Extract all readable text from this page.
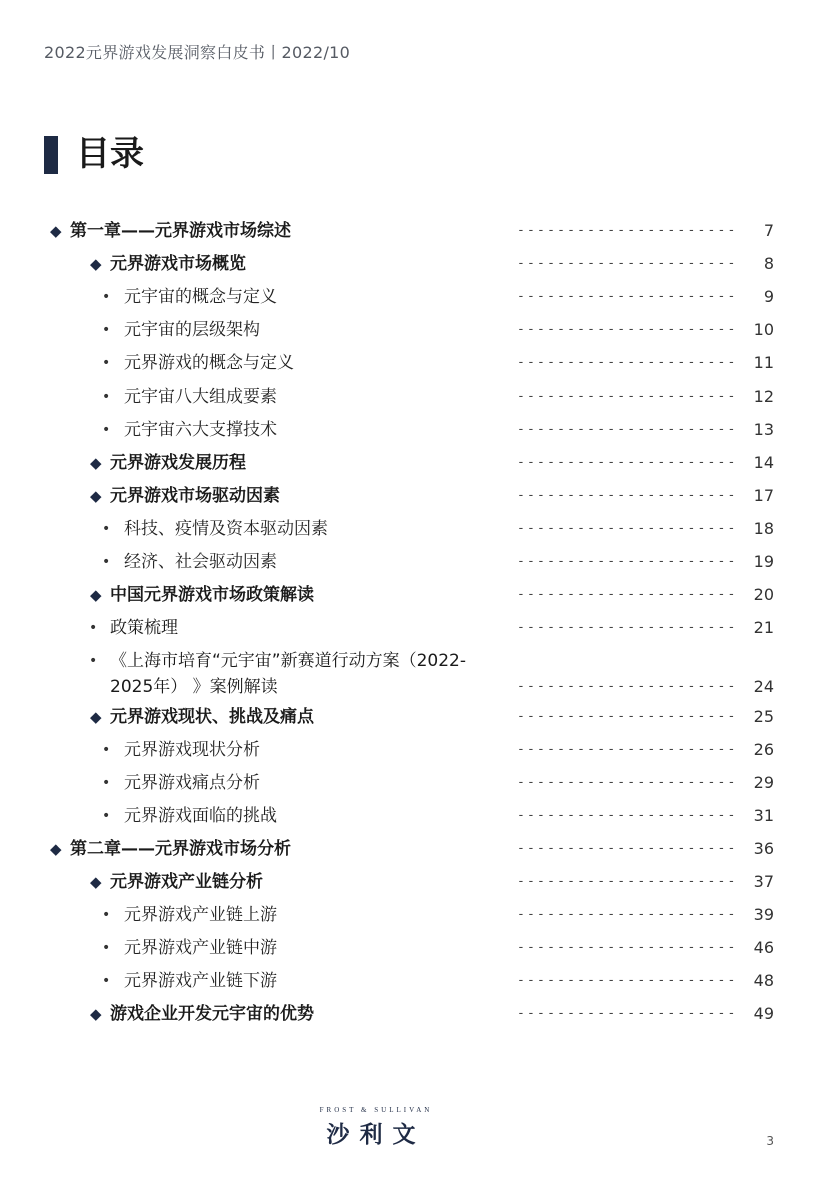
2022元界游戏发展洞察白皮书丨2022/10
目录
◆ 第一章——元界游戏市场综述	---------------------- 7
◆ 元界游戏市场概览	---------------------- 8
• 元宇宙的概念与定义	---------------------- 9
• 元宇宙的层级架构	---------------------- 10
• 元界游戏的概念与定义	---------------------- 11
• 元宇宙八大组成要素	---------------------- 12
• 元宇宙六大支撑技术	---------------------- 13
◆ 元界游戏发展历程	---------------------- 14
◆ 元界游戏市场驱动因素	---------------------- 17
• 科技、疫情及资本驱动因素	---------------------- 18
• 经济、社会驱动因素	---------------------- 19
◆ 中国元界游戏市场政策解读	---------------------- 20
• 政策梳理	---------------------- 21
• 《上海市培育“元宇宙”新赛道行动方案（2022-2025年） 》案例解读	---------------------- 24
◆ 元界游戏现状、挑战及痛点	---------------------- 25
• 元界游戏现状分析	---------------------- 26
• 元界游戏痛点分析	---------------------- 29
• 元界游戏面临的挑战	---------------------- 31
◆ 第二章——元界游戏市场分析	---------------------- 36
◆ 元界游戏产业链分析	---------------------- 37
• 元界游戏产业链上游	---------------------- 39
• 元界游戏产业链中游	---------------------- 46
• 元界游戏产业链下游	---------------------- 48
◆ 游戏企业开发元宇宙的优势	---------------------- 49
FROST & SULLIVAN
沙利文	3
